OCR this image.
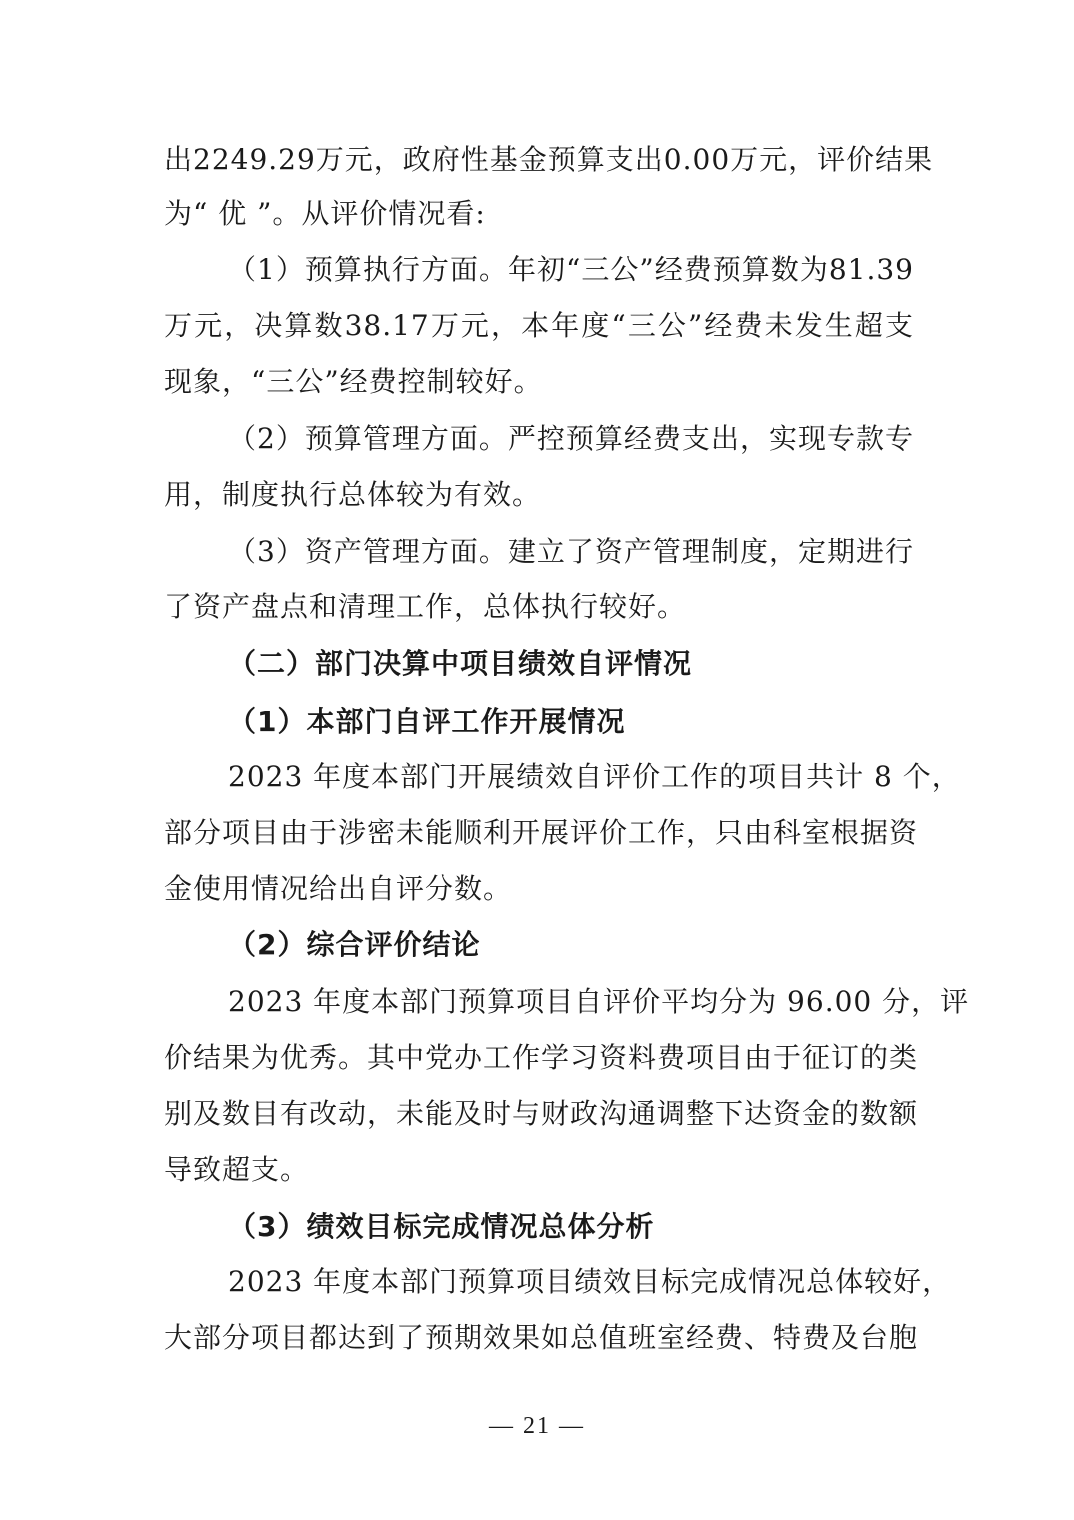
出2249.29万元，政府性基金预算支出0.00万元，评价结果
为“ 优 ”。从评价情况看:
（1）预算执行方面。年初“三公”经费预算数为81.39
万元，决算数38.17万元，本年度“三公”经费未发生超支
现象，“三公”经费控制较好。
（2）预算管理方面。严控预算经费支出，实现专款专
用，制度执行总体较为有效。
（3）资产管理方面。建立了资产管理制度，定期进行
了资产盘点和清理工作，总体执行较好。
（二）部门决算中项目绩效自评情况
（1）本部门自评工作开展情况
2023 年度本部门开展绩效自评价工作的项目共计 8 个，
部分项目由于涉密未能顺利开展评价工作，只由科室根据资
金使用情况给出自评分数。
（2）综合评价结论
2023 年度本部门预算项目自评价平均分为 96.00 分，评
价结果为优秀。其中党办工作学习资料费项目由于征订的类
别及数目有改动，未能及时与财政沟通调整下达资金的数额
导致超支。
（3）绩效目标完成情况总体分析
2023 年度本部门预算项目绩效目标完成情况总体较好，
大部分项目都达到了预期效果如总值班室经费、特费及台胞
— 21 —
